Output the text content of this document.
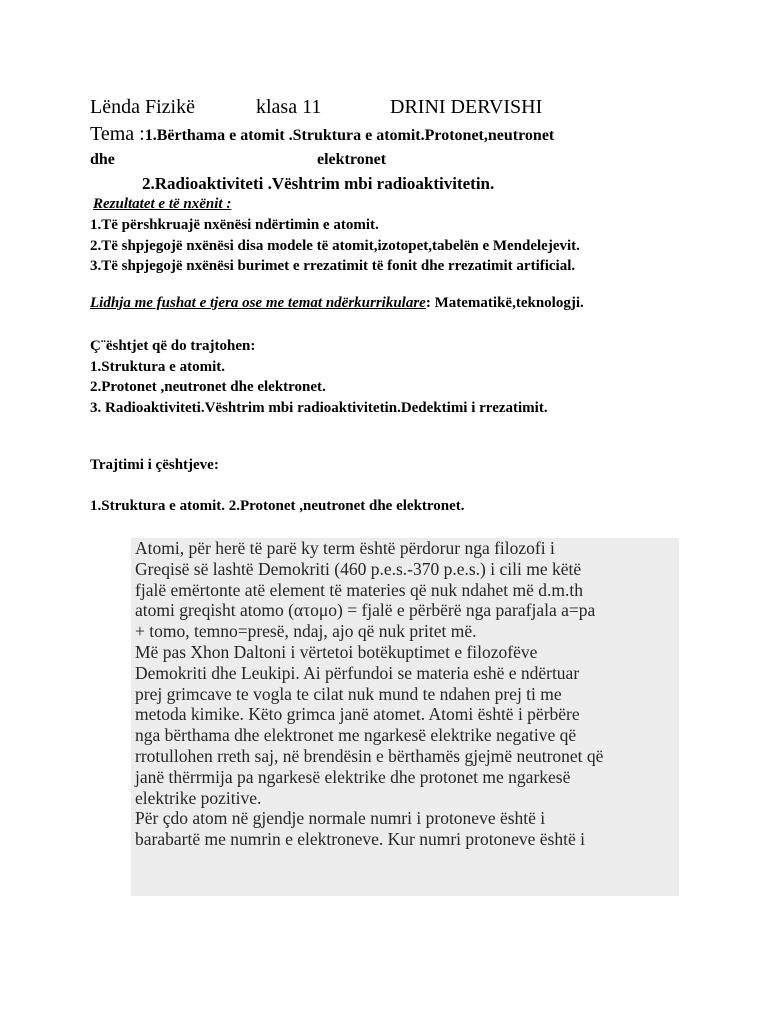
Lënda Fizikë	klasa 11	DRINI DERVISHI
Tema :1.Bërthama e atomit .Struktura e atomit.Protonet,neutronet
dhe	elektronet
2.Radioaktiviteti .Vështrim mbi radioaktivitetin.
Rezultatet e të nxënit :
1.Të përshkruajë nxënësi ndërtimin e atomit.
2.Të shpjegojë nxënësi disa modele të atomit,izotopet,tabelën e Mendelejevit.
3.Të shpjegojë nxënësi burimet e rrezatimit të fonit dhe rrezatimit artificial.
Lidhja me fushat e tjera ose me temat ndërkurrikulare: Matematikë,teknologji.
Ç¨ështjet që do trajtohen:
1.Struktura e atomit.
2.Protonet ,neutronet dhe elektronet.
3. Radioaktiviteti.Vështrim mbi radioaktivitetin.Dedektimi i rrezatimit.
Trajtimi i çështjeve:
1.Struktura e atomit. 2.Protonet ,neutronet dhe elektronet.

Atomi, për herë të parë ky term është përdorur nga filozofi i

Greqisë së lashtë Demokriti (460 p.e.s.-370 p.e.s.) i cili me këtë

fjalë emërtonte atë element të materies që nuk ndahet më d.m.th

atomi greqisht atomo (ατομο) = fjalë e përbërë nga parafjala a=pa

+ tomo, temno=presë, ndaj, ajo që nuk pritet më.

Më pas Xhon Daltoni i vërtetoi botëkuptimet e filozofëve

Demokriti dhe Leukipi. Ai përfundoi se materia eshë e ndërtuar

prej grimcave te vogla te cilat nuk mund te ndahen prej ti me

metoda kimike. Këto grimca janë atomet. Atomi është i përbëre

nga bërthama dhe elektronet me ngarkesë elektrike negative që

rrotullohen rreth saj, në brendësin e bërthamës gjejmë neutronet që

janë thërrmija pa ngarkesë elektrike dhe protonet me ngarkesë

elektrike pozitive.

Për çdo atom në gjendje normale numri i protoneve është i

barabartë me numrin e elektroneve. Kur numri protoneve është i
